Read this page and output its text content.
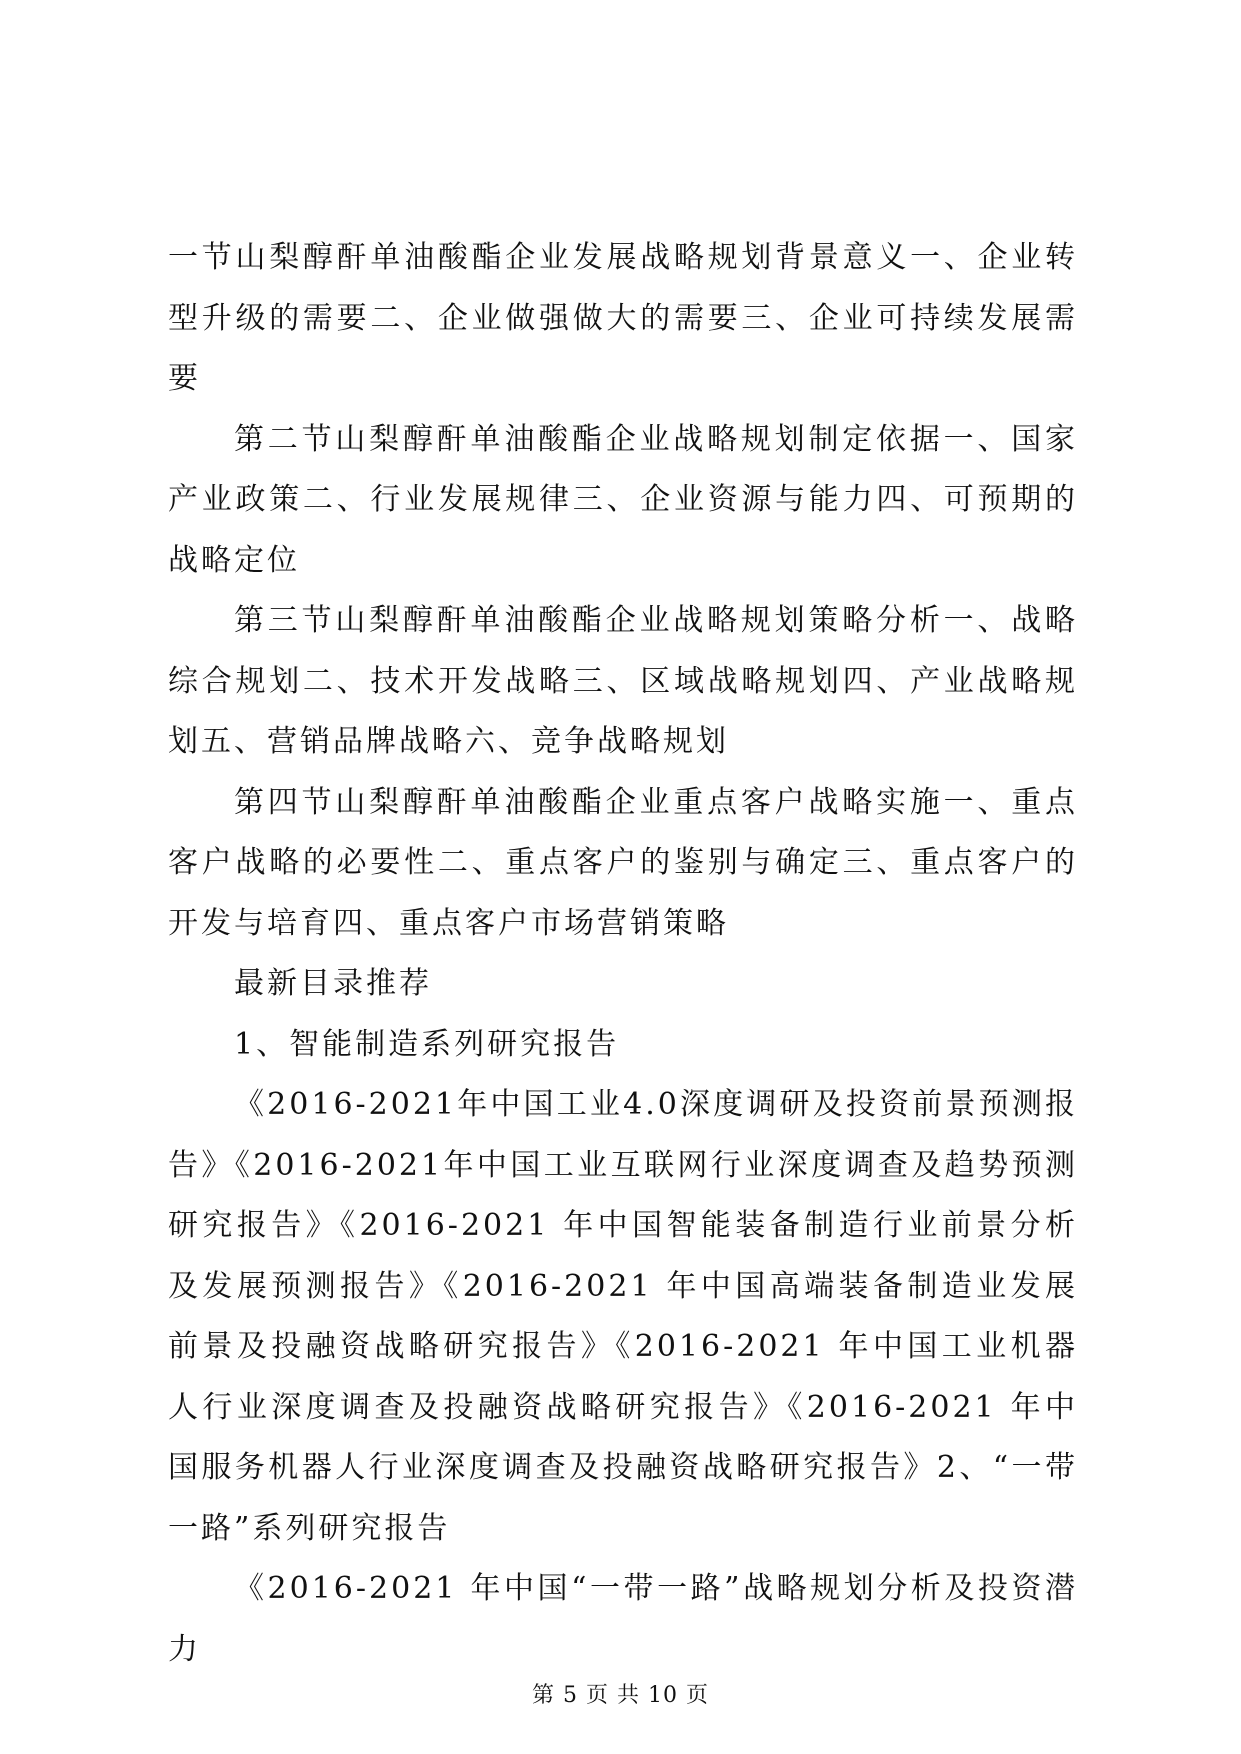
一节山梨醇酐单油酸酯企业发展战略规划背景意义一、企业转型升级的需要二、企业做强做大的需要三、企业可持续发展需要

第二节山梨醇酐单油酸酯企业战略规划制定依据一、国家产业政策二、行业发展规律三、企业资源与能力四、可预期的战略定位

第三节山梨醇酐单油酸酯企业战略规划策略分析一、战略综合规划二、技术开发战略三、区域战略规划四、产业战略规划五、营销品牌战略六、竞争战略规划

第四节山梨醇酐单油酸酯企业重点客户战略实施一、重点客户战略的必要性二、重点客户的鉴别与确定三、重点客户的开发与培育四、重点客户市场营销策略

最新目录推荐

1、智能制造系列研究报告

《2016-2021年中国工业4.0深度调研及投资前景预测报告》《2016-2021年中国工业互联网行业深度调查及趋势预测研究报告》《2016-2021 年中国智能装备制造行业前景分析及发展预测报告》《2016-2021 年中国高端装备制造业发展前景及投融资战略研究报告》《2016-2021 年中国工业机器人行业深度调查及投融资战略研究报告》《2016-2021 年中国服务机器人行业深度调查及投融资战略研究报告》2、“一带一路”系列研究报告

《2016-2021 年中国“一带一路”战略规划分析及投资潜力

第 5 页 共 10 页
